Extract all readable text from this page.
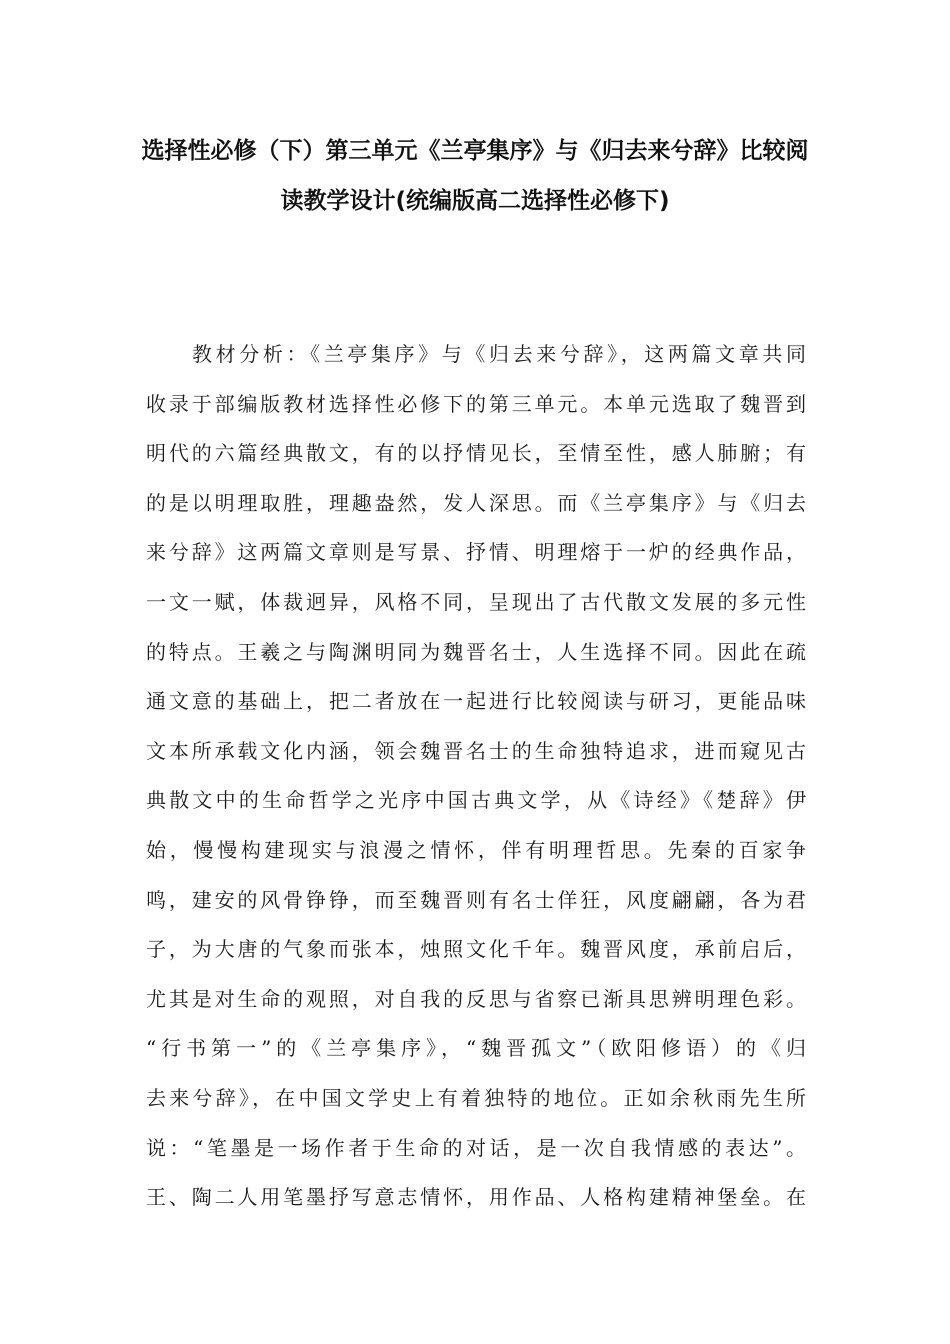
选择性必修（下）第三单元《兰亭集序》与《归去来兮辞》比较阅
读教学设计(统编版高二选择性必修下)
教材分析：《兰亭集序》与《归去来兮辞》，这两篇文章共同
收录于部编版教材选择性必修下的第三单元。本单元选取了魏晋到
明代的六篇经典散文，有的以抒情见长，至情至性，感人肺腑；有
的是以明理取胜，理趣盎然，发人深思。而《兰亭集序》与《归去
来兮辞》这两篇文章则是写景、抒情、明理熔于一炉的经典作品，
一文一赋，体裁迥异，风格不同，呈现出了古代散文发展的多元性
的特点。王羲之与陶渊明同为魏晋名士，人生选择不同。因此在疏
通文意的基础上，把二者放在一起进行比较阅读与研习，更能品味
文本所承载文化内涵，领会魏晋名士的生命独特追求，进而窥见古
典散文中的生命哲学之光序中国古典文学，从《诗经》《楚辞》伊
始，慢慢构建现实与浪漫之情怀，伴有明理哲思。先秦的百家争
鸣，建安的风骨铮铮，而至魏晋则有名士佯狂，风度翩翩，各为君
子，为大唐的气象而张本，烛照文化千年。魏晋风度，承前启后，
尤其是对生命的观照，对自我的反思与省察已渐具思辨明理色彩。
“行书第一”的《兰亭集序》，“魏晋孤文”（欧阳修语）的《归
去来兮辞》，在中国文学史上有着独特的地位。正如余秋雨先生所
说：“笔墨是一场作者于生命的对话，是一次自我情感的表达”。
王、陶二人用笔墨抒写意志情怀，用作品、人格构建精神堡垒。在
